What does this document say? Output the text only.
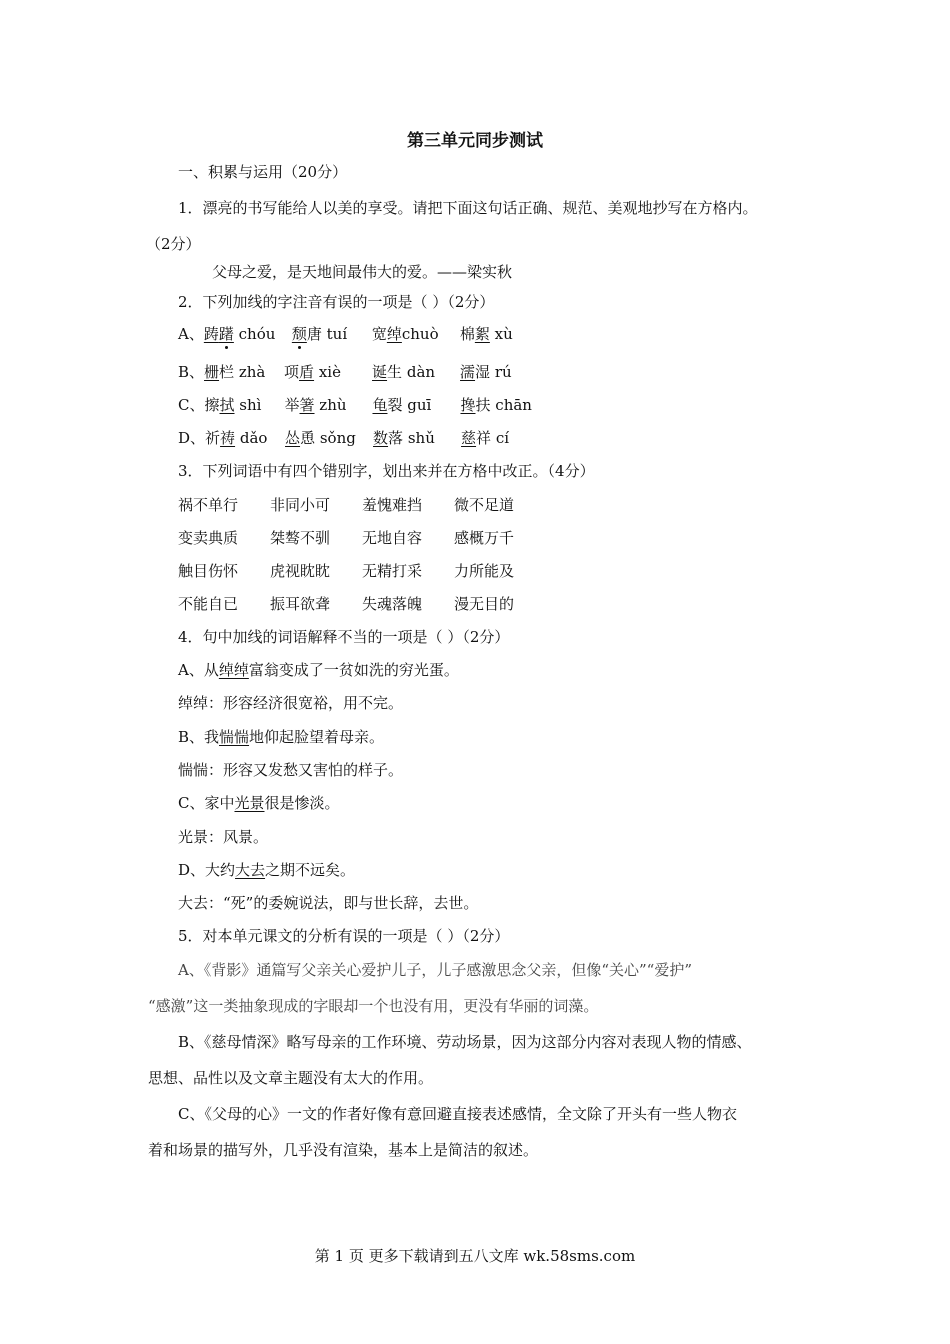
第三单元同步测试
一、积累与运用（20分）
1．漂亮的书写能给人以美的享受。请把下面这句话正确、规范、美观地抄写在方格内。
（2分）
父母之爱，是天地间最伟大的爱。——梁实秋
2．下列加线的字注音有误的一项是（ ）（2分）
A、踌躇 chóu 颓唐 tuí 宽绰chuò 棉絮 xù
B、栅栏 zhà 项盾 xiè 诞生 dàn 濡湿 rú
C、擦拭 shì 举箸 zhù 龟裂 guī 搀扶 chān
D、祈祷 dǎo 怂恿 sǒng 数落 shǔ 慈祥 cí
3．下列词语中有四个错别字，划出来并在方格中改正。（4分）
祸不单行 非同小可 羞愧难挡 微不足道
变卖典质 桀骜不驯 无地自容 感概万千
触目伤怀 虎视眈眈 无精打采 力所能及
不能自已 振耳欲聋 失魂落魄 漫无目的
4．句中加线的词语解释不当的一项是（ ）（2分）
A、从绰绰富翁变成了一贫如洗的穷光蛋。
绰绰：形容经济很宽裕，用不完。
B、我惴惴地仰起脸望着母亲。
惴惴：形容又发愁又害怕的样子。
C、家中光景很是惨淡。
光景：风景。
D、大约大去之期不远矣。
大去：“死”的委婉说法，即与世长辞，去世。
5．对本单元课文的分析有误的一项是（ ）（2分）
A、《背影》通篇写父亲关心爱护儿子，儿子感激思念父亲，但像“关心”“爱护”
“感激”这一类抽象现成的字眼却一个也没有用，更没有华丽的词藻。
B、《慈母情深》略写母亲的工作环境、劳动场景，因为这部分内容对表现人物的情感、
思想、品性以及文章主题没有太大的作用。
C、《父母的心》一文的作者好像有意回避直接表述感情，全文除了开头有一些人物衣
着和场景的描写外，几乎没有渲染，基本上是简洁的叙述。
第 1 页 更多下载请到五八文库 wk.58sms.com
